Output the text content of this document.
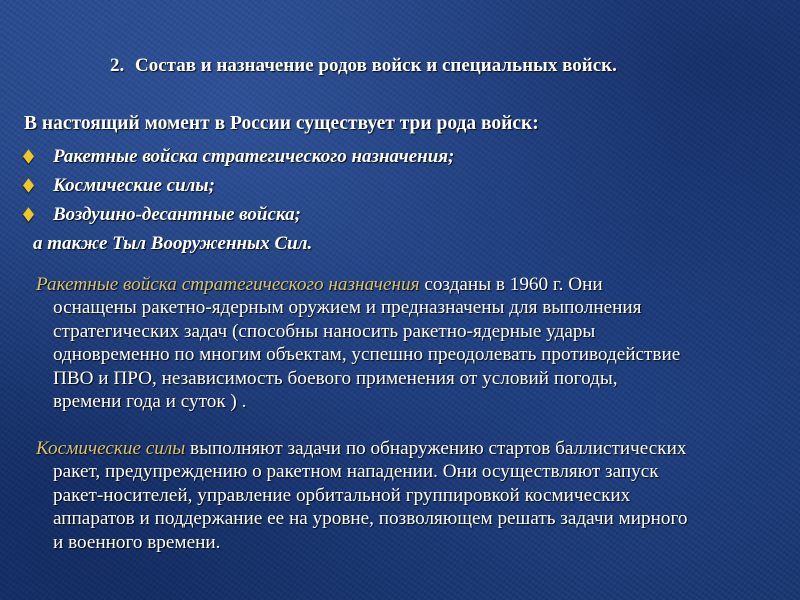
2. Состав и назначение родов войск и специальных войск.
В настоящий момент в России существует три рода войск:
Ракетные войска стратегического назначения;
Космические силы;
Воздушно-десантные войска;
а также Тыл Вооруженных Сил.
Ракетные войска стратегического назначения созданы в 1960 г. Они
оснащены ракетно-ядерным оружием и предназначены для выполнения
стратегических задач (способны наносить ракетно-ядерные удары
одновременно по многим объектам, успешно преодолевать противодействие
ПВО и ПРО, независимость боевого применения от условий погоды,
времени года и суток ) .
Космические силы выполняют задачи по обнаружению стартов баллистических
ракет, предупреждению о ракетном нападении. Они осуществляют запуск
ракет-носителей, управление орбитальной группировкой космических
аппаратов и поддержание ее на уровне, позволяющем решать задачи мирного
и военного времени.
